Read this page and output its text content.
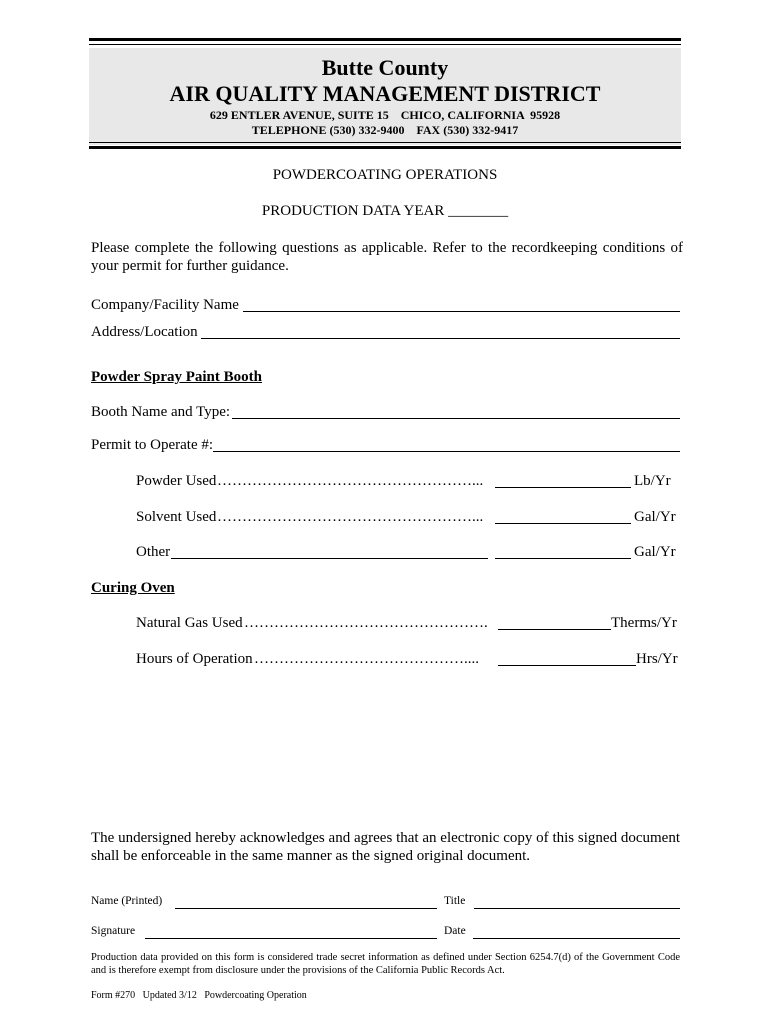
Butte County
AIR QUALITY MANAGEMENT DISTRICT
629 ENTLER AVENUE, SUITE 15    CHICO, CALIFORNIA  95928
TELEPHONE (530) 332-9400    FAX (530) 332-9417
POWDERCOATING OPERATIONS
PRODUCTION DATA YEAR ________
Please complete the following questions as applicable. Refer to the recordkeeping conditions of your permit for further guidance.
Company/Facility Name
Address/Location
Powder Spray Paint Booth
Booth Name and Type:
Permit to Operate #:
Powder Used ……………………………………………...	Lb/Yr
Solvent Used ……………………………………………...	Gal/Yr
Other	Gal/Yr
Curing Oven
Natural Gas Used ………………………………………….	Therms/Yr
Hours of Operation ……………………………………....	Hrs/Yr
The undersigned hereby acknowledges and agrees that an electronic copy of this signed document shall be enforceable in the same manner as the signed original document.
Name (Printed)	Title
Signature	Date
Production data provided on this form is considered trade secret information as defined under Section 6254.7(d) of the Government Code and is therefore exempt from disclosure under the provisions of the California Public Records Act.
Form #270   Updated 3/12   Powdercoating Operation
